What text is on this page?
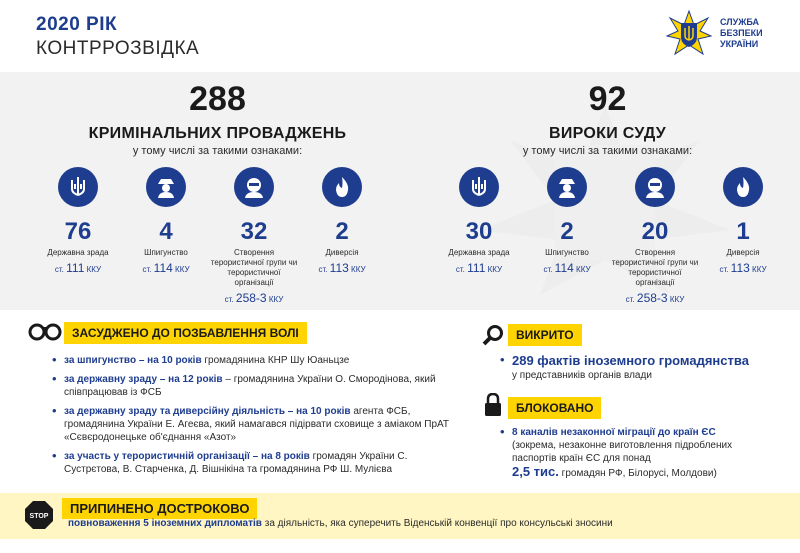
2020 РІК
КОНТРРОЗВІДКА
СЛУЖБА
БЕЗПЕКИ
УКРАЇНИ
288
КРИМІНАЛЬНИХ ПРОВАДЖЕНЬ
у тому числі за такими ознаками:
76
Державна зрада
ст. 111 ККУ
4
Шпигунство
ст. 114 ККУ
32
Створення терористичної групи чи терористичної організації
ст. 258-3 ККУ
2
Диверсія
ст. 113 ККУ
92
ВИРОКИ СУДУ
у тому числі за такими ознаками:
30
Державна зрада
ст. 111 ККУ
2
Шпигунство
ст. 114 ККУ
20
Створення терористичної групи чи терористичної організації
ст. 258-3 ККУ
1
Диверсія
ст. 113 ККУ
ЗАСУДЖЕНО ДО ПОЗБАВЛЕННЯ ВОЛІ
• за шпигунство – на 10 років громадянина КНР Шу Юаньцзе
• за державну зраду – на 12 років – громадянина України О. Смородінова, який співпрацював із ФСБ
• за державну зраду та диверсійну діяльність – на 10 років агента ФСБ, громадянина України Е. Агеєва, який намагався підірвати сховище з аміаком ПрАТ «Сєвєродонецьке об'єднання «Азот»
• за участь у терористичній організації – на 8 років громадян України С. Сустрєтова, В. Старченка, Д. Вішнікіна та громадянина РФ Ш. Мулієва
ВИКРИТО
• 289 фактів іноземного громадянства
у представників органів влади
БЛОКОВАНО
• 8 каналів незаконної міграції до країн ЄС
(зокрема, незаконне виготовлення підроблених паспортів країн ЄС для понад
2,5 тис. громадян РФ, Білорусі, Молдови)
STOP
ПРИПИНЕНО ДОСТРОКОВО
повноваження 5 іноземних дипломатів за діяльність, яка суперечить Віденській конвенції про консульські зносини
